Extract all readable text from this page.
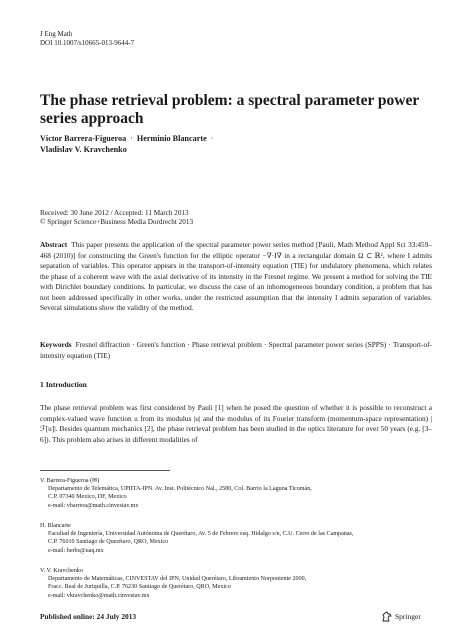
J Eng Math
DOI 10.1007/s10665-013-9644-7
The phase retrieval problem: a spectral parameter power series approach
Víctor Barrera-Figueroa · Herminio Blancarte ·
Vladislav V. Kravchenko
Received: 30 June 2012 / Accepted: 11 March 2013
© Springer Science+Business Media Dordrecht 2013
Abstract This paper presents the application of the spectral parameter power series method [Pauli, Math Method Appl Sci 33:459–468 (2010)] for constructing the Green's function for the elliptic operator −∇·I∇ in a rectangular domain Ω ⊂ ℝ², where I admits separation of variables. This operator appears in the transport-of-intensity equation (TIE) for undulatory phenomena, which relates the phase of a coherent wave with the axial derivative of its intensity in the Fresnel regime. We present a method for solving the TIE with Dirichlet boundary conditions. In particular, we discuss the case of an inhomogeneous boundary condition, a problem that has not been addressed specifically in other works, under the restricted assumption that the intensity I admits separation of variables. Several simulations show the validity of the method.
Keywords Fresnel diffraction · Green's function · Phase retrieval problem · Spectral parameter power series (SPPS) · Transport-of-intensity equation (TIE)
1 Introduction
The phase retrieval problem was first considered by Pauli [1] when he posed the question of whether it is possible to reconstruct a complex-valued wave function u from its modulus |u| and the modulus of its Fourier transform (momentum-space representation) |ℱ[u]|. Besides quantum mechanics [2], the phase retrieval problem has been studied in the optics literature for over 50 years (e.g. [3–6]). This problem also arises in different modalities of
V. Barrera-Figueroa (✉)
Departamento de Telemática, UPIITA-IPN. Av. Inst. Politécnico Nal., 2580, Col. Barrio la Laguna Ticomán,
C.P. 07340 Mexico, DF, Mexico
e-mail: vbarrera@math.cinvestav.mx
H. Blancarte
Facultad de Ingeniería, Universidad Autónoma de Querétaro, Av. 5 de Febrero esq. Hidalgo s/n, C.U. Cerro de las Campanas,
C.P. 76010 Santiago de Querétaro, QRO, Mexico
e-mail: herbs@uaq.mx
V. V. Kravchenko
Departamento de Matemáticas, CINVESTAV del IPN, Unidad Querétaro, Libramiento Norponiente 2000,
Fracc. Real de Juriquilla, C.P. 76230 Santiago de Querétaro, QRO, Mexico
e-mail: vkravchenko@math.cinvestav.mx
Published online: 24 July 2013	Springer
